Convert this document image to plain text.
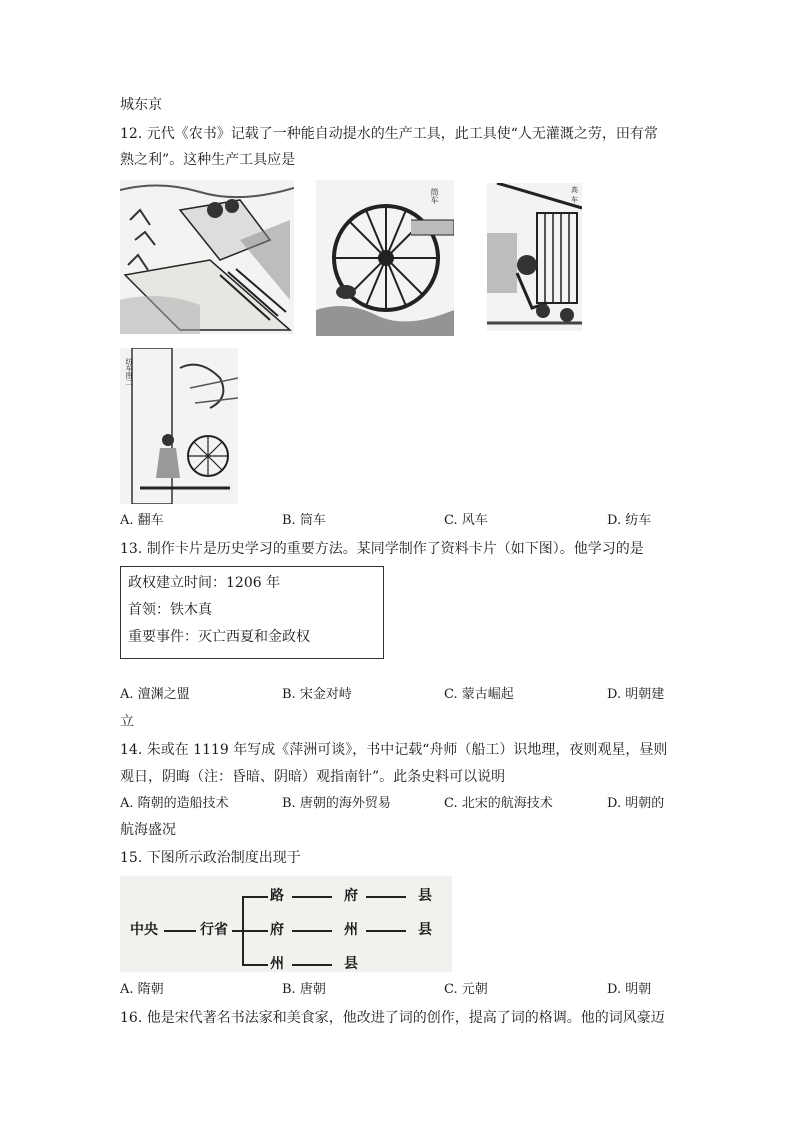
城东京
12. 元代《农书》记载了一种能自动提水的生产工具，此工具使“人无灌溉之劳，田有常
熟之利”。这种生产工具应是
筒车	高车
纺车图二
A. 翻车	B. 筒车	C. 风车	D. 纺车
13. 制作卡片是历史学习的重要方法。某同学制作了资料卡片（如下图）。他学习的是
政权建立时间：1206 年
首领：铁木真
重要事件：灭亡西夏和金政权
A. 澶渊之盟	B. 宋金对峙	C. 蒙古崛起	D. 明朝建
立
14. 朱或在 1119 年写成《萍洲可谈》，书中记载“舟师（船工）识地理，夜则观星，昼则
观日，阴晦（注：昏暗、阴暗）观指南针”。此条史料可以说明
A. 隋朝的造船技术	B. 唐朝的海外贸易	C. 北宋的航海技术	D. 明朝的
航海盛况
15. 下图所示政治制度出现于
中央	行省
路	府	县
府	州	县
州	县
A. 隋朝	B. 唐朝	C. 元朝	D. 明朝
16. 他是宋代著名书法家和美食家，他改进了词的创作，提高了词的格调。他的词风豪迈
